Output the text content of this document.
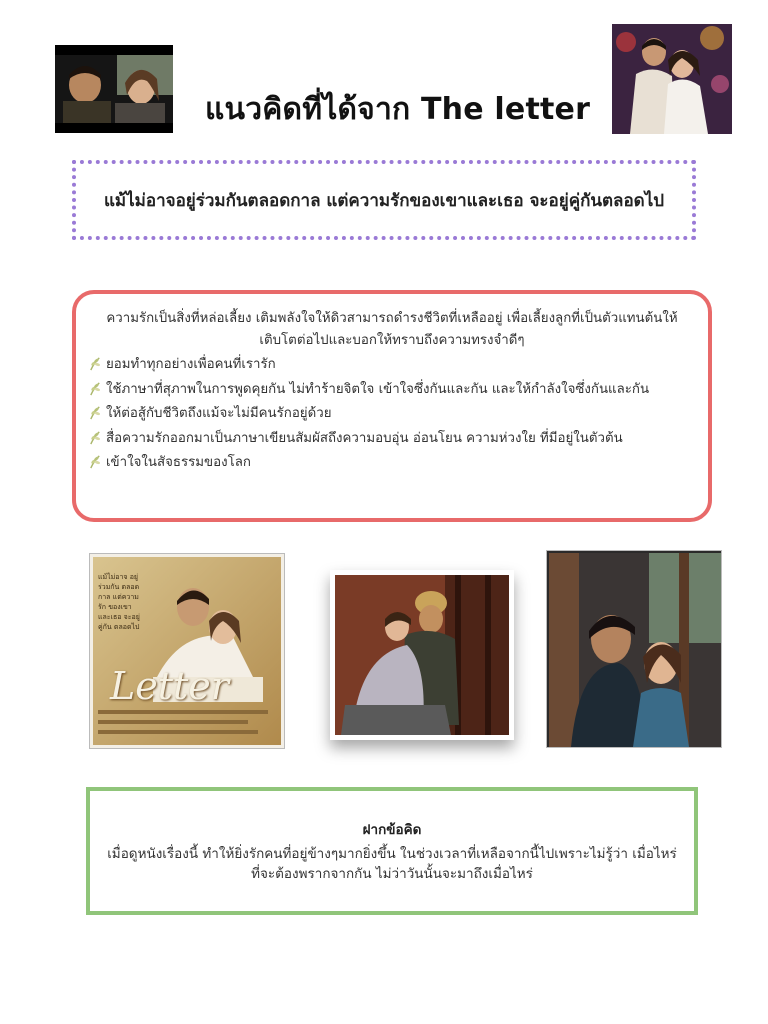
แนวคิดที่ได้จาก The letter
แม้ไม่อาจอยู่ร่วมกันตลอดกาล แต่ความรักของเขาและเธอ จะอยู่คู่กันตลอดไป

ความรักเป็นสิ่งที่หล่อเลี้ยง เติมพลังใจให้ดิวสามารถดำรงชีวิตที่เหลืออยู่ เพื่อเลี้ยงลูกที่เป็นตัวแทนต้นให้เติบโตต่อไปและบอกให้ทราบถึงความทรงจำดีๆ

ยอมทำทุกอย่างเพื่อคนที่เรารัก
ใช้ภาษาที่สุภาพในการพูดคุยกัน ไม่ทำร้ายจิตใจ เข้าใจซึ่งกันและกัน และให้กำลังใจซึ่งกันและกัน
ให้ต่อสู้กับชีวิตถึงแม้จะไม่มีคนรักอยู่ด้วย
สื่อความรักออกมาเป็นภาษาเขียนสัมผัสถึงความอบอุ่น อ่อนโยน ความห่วงใย ที่มีอยู่ในตัวต้น
เข้าใจในสัจธรรมของโลก
แม้ไม่อาจ อยู่ร่วมกัน ตลอดกาล แต่ความรัก ของเขาและเธอ จะอยู่คู่กัน ตลอดไป
Letter
ฝากข้อคิด
เมื่อดูหนังเรื่องนี้ ทำให้ยิ่งรักคนที่อยู่ข้างๆมากยิ่งขึ้น ในช่วงเวลาที่เหลือจากนี้ไปเพราะไม่รู้ว่า เมื่อไหร่ที่จะต้องพรากจากกัน ไม่ว่าวันนั้นจะมาถึงเมื่อไหร่
